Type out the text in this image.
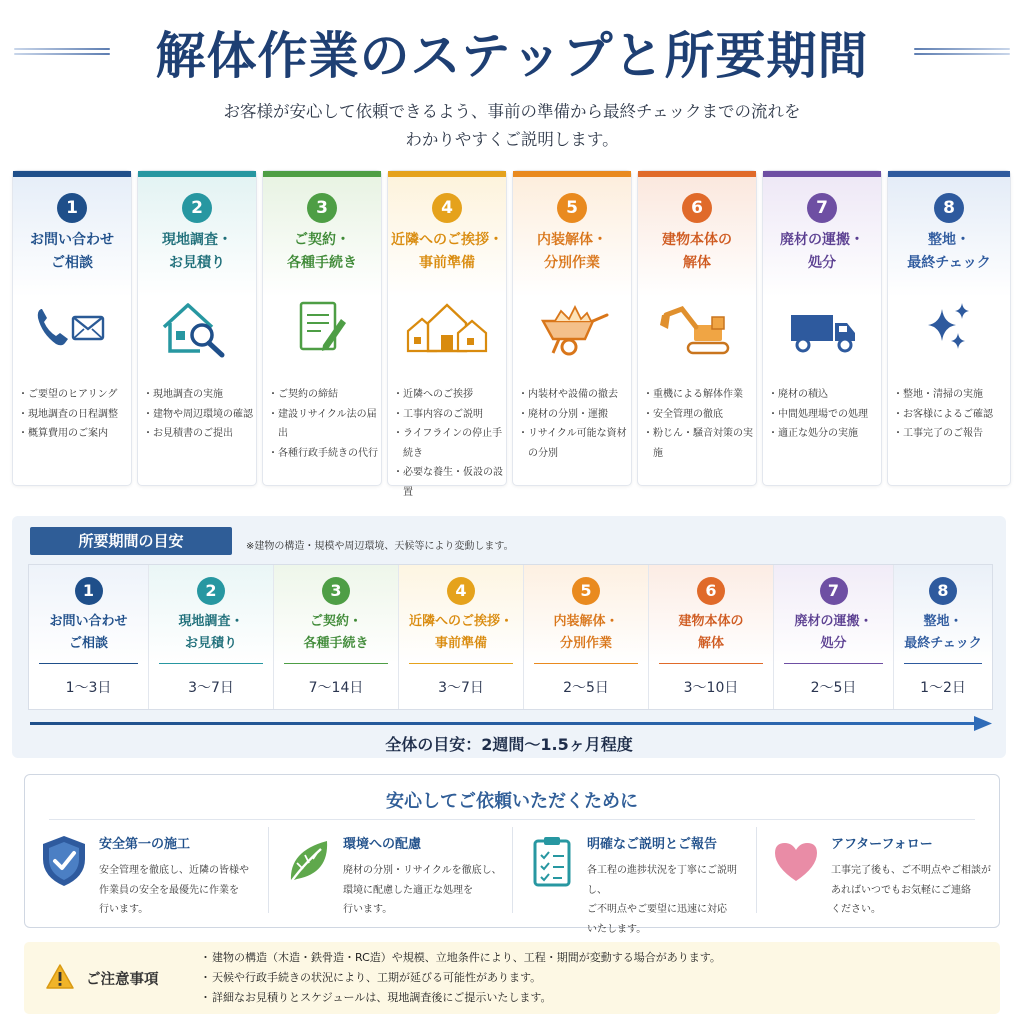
解体作業のステップと所要期間
お客様が安心して依頼できるよう、事前の準備から最終チェックまでの流れを
わかりやすくご説明します。
1
お問い合わせ
ご相談
・ ご要望のヒアリング
・ 現地調査の日程調整
・ 概算費用のご案内
2
現地調査・
お見積り
・ 現地調査の実施
・ 建物や周辺環境の確認
・ お見積書のご提出
3
ご契約・
各種手続き
・ ご契約の締結
・ 建設リサイクル法の届出
・ 各種行政手続きの代行
4
近隣へのご挨拶・
事前準備
・ 近隣へのご挨拶
・ 工事内容のご説明
・ ライフラインの停止手続き
・ 必要な養生・仮設の設置
5
内装解体・
分別作業
・ 内装材や設備の撤去
・ 廃材の分別・運搬
・ リサイクル可能な資材の分別
6
建物本体の
解体
・ 重機による解体作業
・ 安全管理の徹底
・ 粉じん・騒音対策の実施
7
廃材の運搬・
処分
・ 廃材の積込
・ 中間処理場での処理
・ 適正な処分の実施
8
整地・
最終チェック
・ 整地・清掃の実施
・ お客様によるご確認
・ 工事完了のご報告
所要期間の目安	※建物の構造・規模や周辺環境、天候等により変動します。
1
お問い合わせ
ご相談
1〜3日
2
現地調査・
お見積り
3〜7日
3
ご契約・
各種手続き
7〜14日
4
近隣へのご挨拶・
事前準備
3〜7日
5
内装解体・
分別作業
2〜5日
6
建物本体の
解体
3〜10日
7
廃材の運搬・
処分
2〜5日
8
整地・
最終チェック
1〜2日
全体の目安：2週間〜1.5ヶ月程度
安心してご依頼いただくために
安全第一の施工
安全管理を徹底し、近隣の皆様や
作業員の安全を最優先に作業を
行います。
環境への配慮
廃材の分別・リサイクルを徹底し、
環境に配慮した適正な処理を
行います。
明確なご説明とご報告
各工程の進捗状況を丁寧にご説明し、
ご不明点やご要望に迅速に対応
いたします。
アフターフォロー
工事完了後も、ご不明点やご相談が
あればいつでもお気軽にご連絡
ください。
ご注意事項
・ 建物の構造（木造・鉄骨造・RC造）や規模、立地条件により、工程・期間が変動する場合があります。
・ 天候や行政手続きの状況により、工期が延びる可能性があります。
・ 詳細なお見積りとスケジュールは、現地調査後にご提示いたします。
